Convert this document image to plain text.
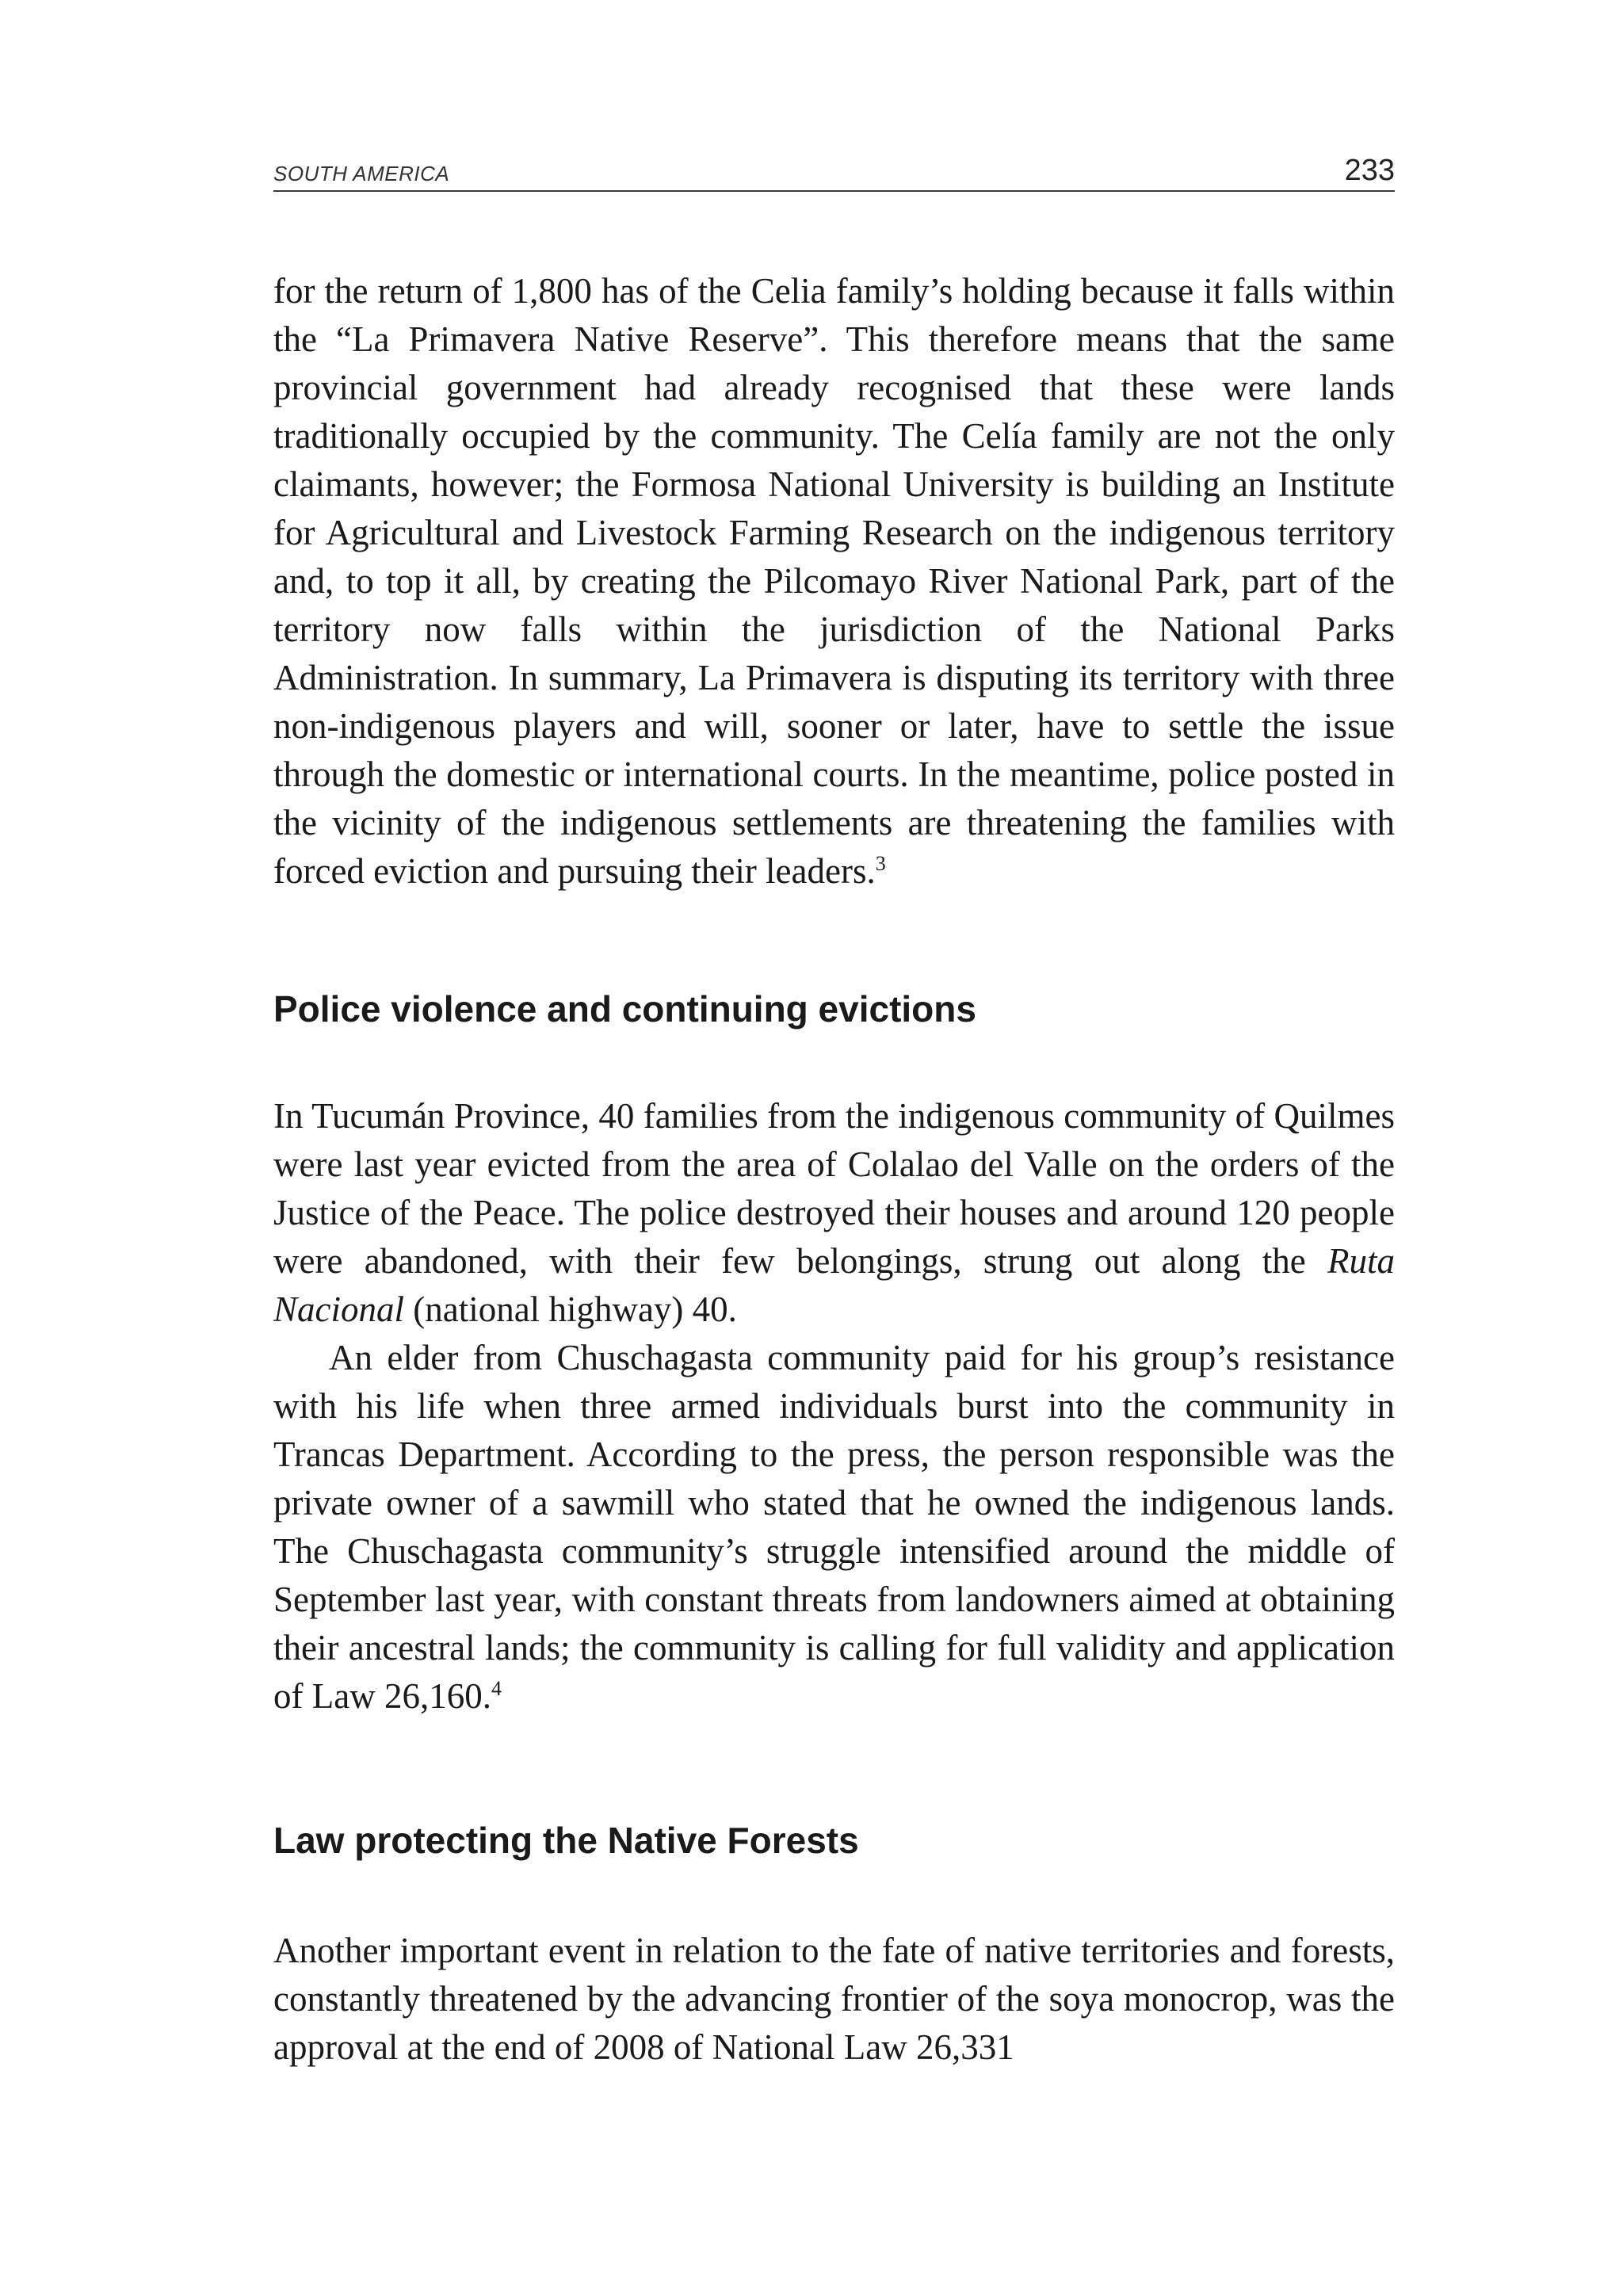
SOUTH AMERICA	233

for the return of 1,800 has of the Celia family’s holding because it falls within the “La Primavera Native Reserve”. This therefore means that the same provincial government had already recognised that these were lands traditionally occupied by the community. The Celía family are not the only claimants, however; the Formosa National University is building an Institute for Agricultural and Livestock Farming Research on the indigenous territory and, to top it all, by creating the Pilcomayo River National Park, part of the territory now falls within the jurisdiction of the National Parks Administration. In summary, La Primavera is disputing its territory with three non-indigenous players and will, sooner or later, have to settle the issue through the domestic or international courts. In the meantime, police posted in the vicinity of the indigenous settlements are threatening the families with forced eviction and pursuing their leaders.$^3$

Police violence and continuing evictions

In Tucumán Province, 40 families from the indigenous community of Quilmes were last year evicted from the area of Colalao del Valle on the orders of the Justice of the Peace. The police destroyed their houses and around 120 people were abandoned, with their few belongings, strung out along the Ruta Nacional (national highway) 40.

An elder from Chuschagasta community paid for his group’s resistance with his life when three armed individuals burst into the community in Trancas Department. According to the press, the person responsible was the private owner of a sawmill who stated that he owned the indigenous lands. The Chuschagasta community’s struggle intensified around the middle of September last year, with constant threats from landowners aimed at obtaining their ancestral lands; the community is calling for full validity and application of Law 26,160.$^4$

Law protecting the Native Forests

Another important event in relation to the fate of native territories and forests, constantly threatened by the advancing frontier of the soya monocrop, was the approval at the end of 2008 of National Law 26,331
